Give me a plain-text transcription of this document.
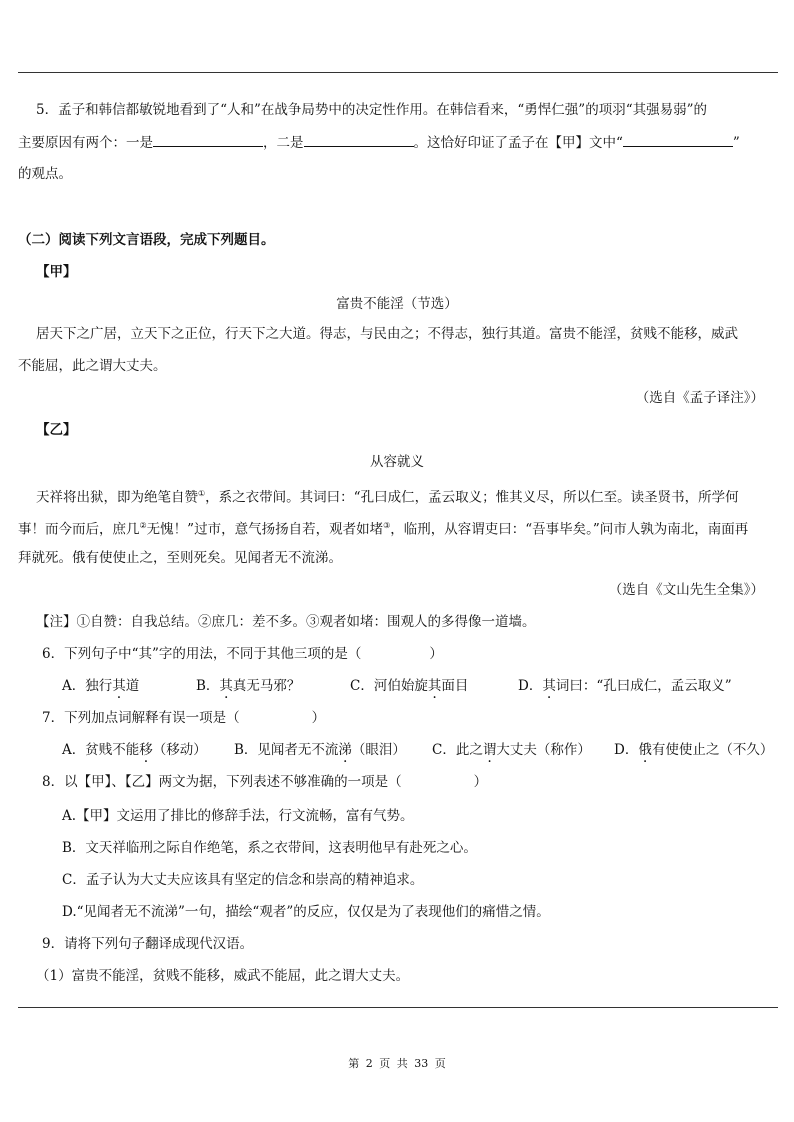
5．孟子和韩信都敏锐地看到了“人和”在战争局势中的决定性作用。在韩信看来，“勇悍仁强”的项羽“其强易弱”的
主要原因有两个：一是	，二是	。这恰好印证了孟子在【甲】文中“	”
的观点。
（二）阅读下列文言语段，完成下列题目。
【甲】
富贵不能淫（节选）
居天下之广居，立天下之正位，行天下之大道。得志，与民由之；不得志，独行其道。富贵不能淫，贫贱不能移，威武
不能屈，此之谓大丈夫。
（选自《孟子译注》）
【乙】
从容就义
天祥将出狱，即为绝笔自赞①，系之衣带间。其词曰：“孔曰成仁，孟云取义；惟其义尽，所以仁至。读圣贤书，所学何
事！而今而后，庶几②无愧！”过市，意气扬扬自若，观者如堵③，临刑，从容谓吏曰：“吾事毕矣。”问市人孰为南北，南面再
拜就死。俄有使使止之，至则死矣。见闻者无不流涕。
（选自《文山先生全集》）
【注】①自赞：自我总结。②庶几：差不多。③观者如堵：围观人的多得像一道墙。
6．下列句子中“其”字的用法，不同于其他三项的是（	）
A．独行其道	B．其真无马邪？	C．河伯始旋其面目	D．其词曰：“孔曰成仁，孟云取义”
7．下列加点词解释有误一项是（	）
A．贫贱不能移（移动） B．见闻者无不流涕（眼泪） C．此之谓大丈夫（称作） D．俄有使使止之（不久）
8．以【甲】、【乙】两文为据，下列表述不够准确的一项是（	）
A.【甲】文运用了排比的修辞手法，行文流畅，富有气势。
B．文天祥临刑之际自作绝笔，系之衣带间，这表明他早有赴死之心。
C．孟子认为大丈夫应该具有坚定的信念和崇高的精神追求。
D.“见闻者无不流涕”一句，描绘“观者”的反应，仅仅是为了表现他们的痛惜之情。
9．请将下列句子翻译成现代汉语。
（1）富贵不能淫，贫贱不能移，威武不能屈，此之谓大丈夫。
第 2 页 共 33 页
